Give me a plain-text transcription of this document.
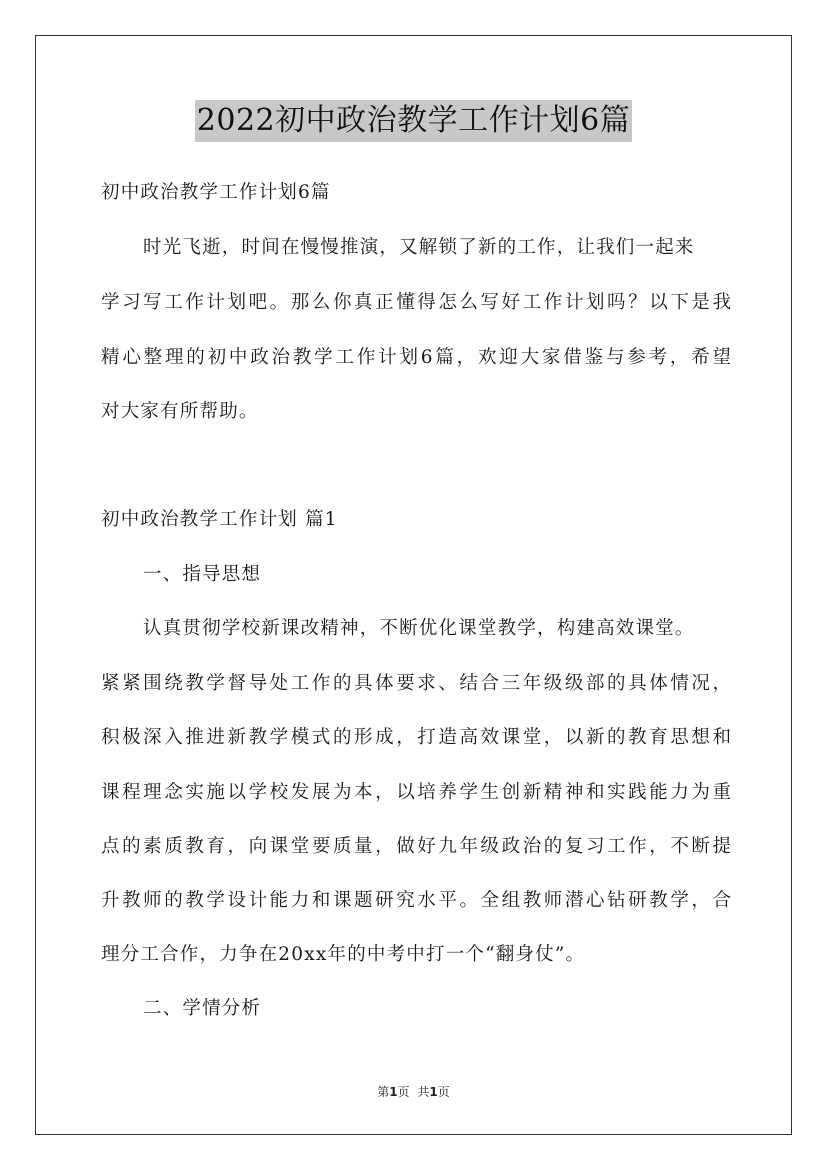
2022初中政治教学工作计划6篇
初中政治教学工作计划6篇
时光飞逝，时间在慢慢推演，又解锁了新的工作，让我们一起来
学习写工作计划吧。那么你真正懂得怎么写好工作计划吗？以下是我
精心整理的初中政治教学工作计划6篇，欢迎大家借鉴与参考，希望
对大家有所帮助。
初中政治教学工作计划 篇1
一、指导思想
认真贯彻学校新课改精神，不断优化课堂教学，构建高效课堂。
紧紧围绕教学督导处工作的具体要求、结合三年级级部的具体情况，
积极深入推进新教学模式的形成，打造高效课堂，以新的教育思想和
课程理念实施以学校发展为本，以培养学生创新精神和实践能力为重
点的素质教育，向课堂要质量，做好九年级政治的复习工作，不断提
升教师的教学设计能力和课题研究水平。全组教师潜心钻研教学，合
理分工合作，力争在20xx年的中考中打一个“翻身仗”。
二、学情分析
第1页 共1页
